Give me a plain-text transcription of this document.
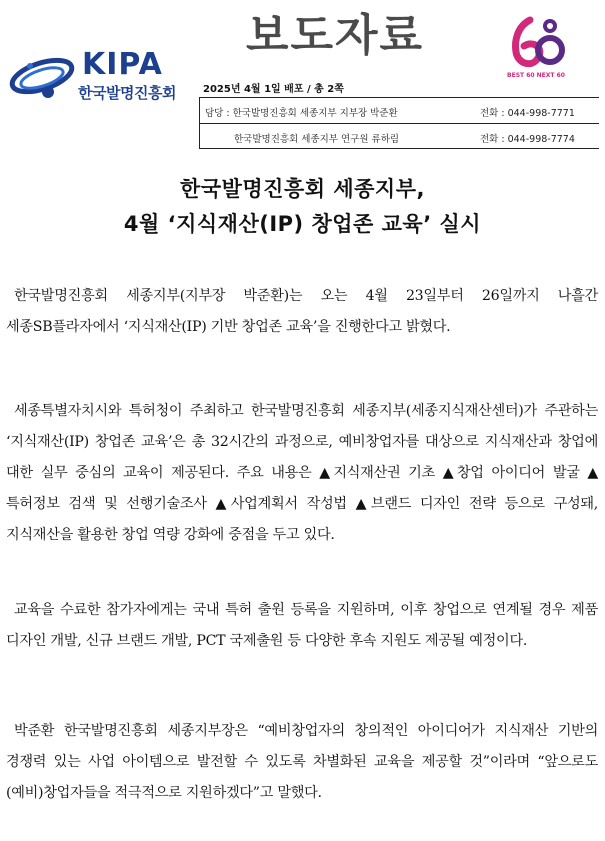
KIPA
한국발명진흥회
보도자료
BEST 60 NEXT 60
2025년 4월 1일 배포 / 총 2쪽
담당 : 한국발명진흥회 세종지부 지부장 박준환	전화 : 044-998-7771
한국발명진흥회 세종지부 연구원 류하림	전화 : 044-998-7774
한국발명진흥회 세종지부,
4월 ‘지식재산(IP) 창업존 교육’ 실시

한국발명진흥회 세종지부(지부장 박준환)는 오는 4월 23일부터 26일까지 나흘간 세종SB플라자에서 ‘지식재산(IP) 기반 창업존 교육’을 진행한다고 밝혔다.

세종특별자치시와 특허청이 주최하고 한국발명진흥회 세종지부(세종지식재산센터)가 주관하는 ‘지식재산(IP) 창업존 교육’은 총 32시간의 과정으로, 예비창업자를 대상으로 지식재산과 창업에 대한 실무 중심의 교육이 제공된다. 주요 내용은 ▲지식재산권 기초 ▲창업 아이디어 발굴 ▲특허정보 검색 및 선행기술조사 ▲사업계획서 작성법 ▲브랜드 디자인 전략 등으로 구성돼, 지식재산을 활용한 창업 역량 강화에 중점을 두고 있다.

교육을 수료한 참가자에게는 국내 특허 출원 등록을 지원하며, 이후 창업으로 연계될 경우 제품 디자인 개발, 신규 브랜드 개발, PCT 국제출원 등 다양한 후속 지원도 제공될 예정이다.

박준환 한국발명진흥회 세종지부장은 “예비창업자의 창의적인 아이디어가 지식재산 기반의 경쟁력 있는 사업 아이템으로 발전할 수 있도록 차별화된 교육을 제공할 것”이라며 “앞으로도 (예비)창업자들을 적극적으로 지원하겠다”고 말했다.
